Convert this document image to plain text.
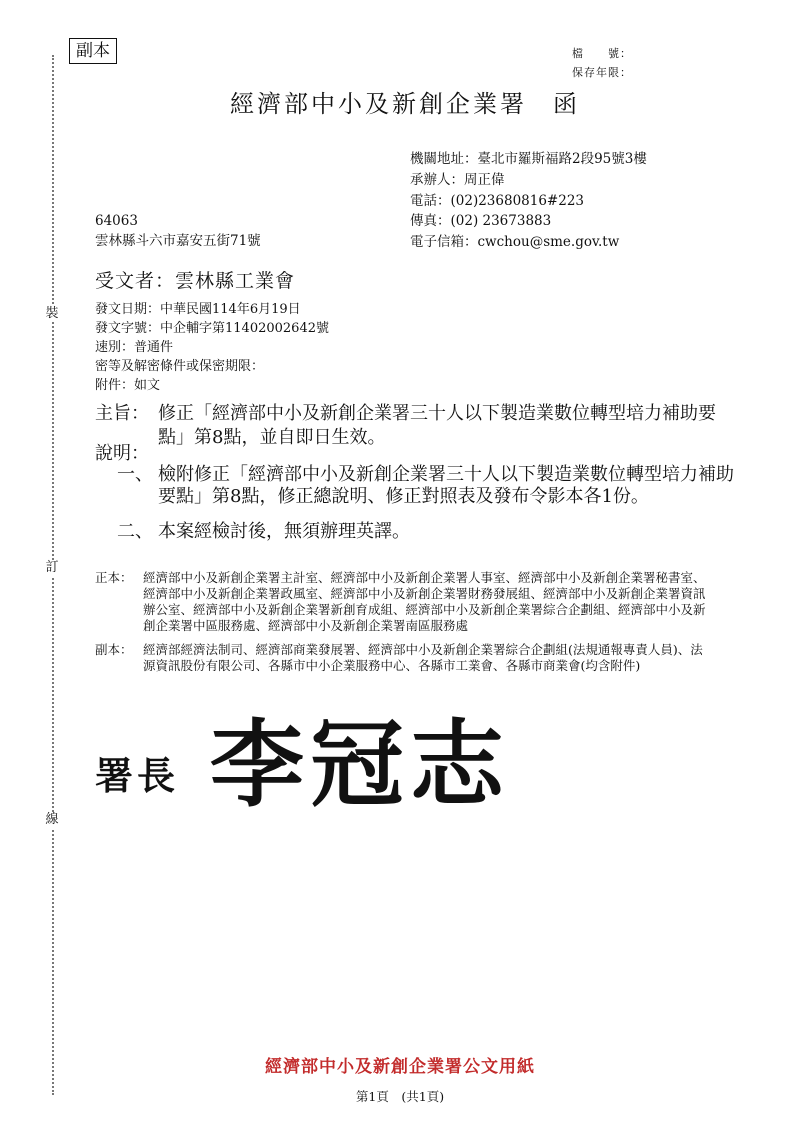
裝
訂
線
副本	檔　　號：
保存年限：
經濟部中小及新創企業署 函
機關地址：臺北市羅斯福路2段95號3樓
承辦人：周正偉
電話：(02)23680816#223
傳真：(02) 23673883
電子信箱：cwchou@sme.gov.tw
64063
雲林縣斗六市嘉安五街71號
受文者：雲林縣工業會
發文日期：中華民國114年6月19日
發文字號：中企輔字第11402002642號
速別：普通件
密等及解密條件或保密期限：
附件：如文
主旨： 修正「經濟部中小及新創企業署三十人以下製造業數位轉型培力補助要點」第8點，並自即日生效。
說明：
一、 檢附修正「經濟部中小及新創企業署三十人以下製造業數位轉型培力補助要點」第8點，修正總說明、修正對照表及發布令影本各1份。
二、 本案經檢討後，無須辦理英譯。
正本： 經濟部中小及新創企業署主計室、經濟部中小及新創企業署人事室、經濟部中小及新創企業署秘書室、經濟部中小及新創企業署政風室、經濟部中小及新創企業署財務發展組、經濟部中小及新創企業署資訊辦公室、經濟部中小及新創企業署新創育成組、經濟部中小及新創企業署綜合企劃組、經濟部中小及新創企業署中區服務處、經濟部中小及新創企業署南區服務處
副本： 經濟部經濟法制司、經濟部商業發展署、經濟部中小及新創企業署綜合企劃組(法規通報專責人員)、法源資訊股份有限公司、各縣市中小企業服務中心、各縣市工業會、各縣市商業會(均含附件)
署長 李冠志
經濟部中小及新創企業署公文用紙
第1頁　(共1頁)
